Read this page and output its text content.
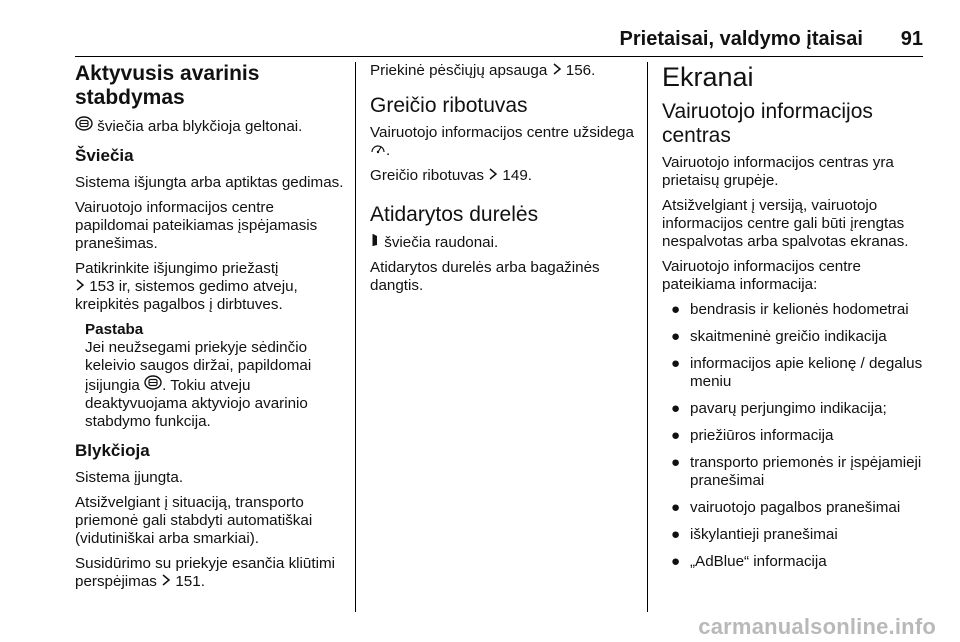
Prietaisai, valdymo įtaisai 91
Aktyvusis avarinis stabdymas

šviečia arba blykčioja geltonai.

Šviečia

Sistema išjungta arba aptiktas gedimas.

Vairuotojo informacijos centre papildomai pateikiamas įspėjamasis pranešimas.

Patikrinkite išjungimo priežastį
153 ir, sistemos gedimo atveju, kreipkitės pagalbos į dirbtuves.

Pastaba
Jei neužsegami priekyje sėdinčio keleivio saugos diržai, papildomai įsijungia . Tokiu atveju deaktyvuojama aktyviojo avarinio stabdymo funkcija.
Blykčioja

Sistema įjungta.

Atsižvelgiant į situaciją, transporto priemonė gali stabdyti automatiškai (vidutiniškai arba smarkiai).

Susidūrimo su priekyje esančia kliūtimi perspėjimas 151.

Priekinė pėsčiųjų apsauga 156.

Greičio ribotuvas

Vairuotojo informacijos centre užsidega .

Greičio ribotuvas 149.

Atidarytos durelės

šviečia raudonai.

Atidarytos durelės arba bagažinės dangtis.

Ekranai
Vairuotojo informacijos centras

Vairuotojo informacijos centras yra prietaisų grupėje.

Atsižvelgiant į versiją, vairuotojo informacijos centre gali būti įrengtas nespalvotas arba spalvotas ekranas.

Vairuotojo informacijos centre pateikiama informacija:

● bendrasis ir kelionės hodometrai
● skaitmeninė greičio indikacija
● informacijos apie kelionę / degalus meniu
● pavarų perjungimo indikacija;
● priežiūros informacija
● transporto priemonės ir įspėjamieji pranešimai
● vairuotojo pagalbos pranešimai
● iškylantieji pranešimai
● „AdBlue“ informacija
carmanualsonline.info
